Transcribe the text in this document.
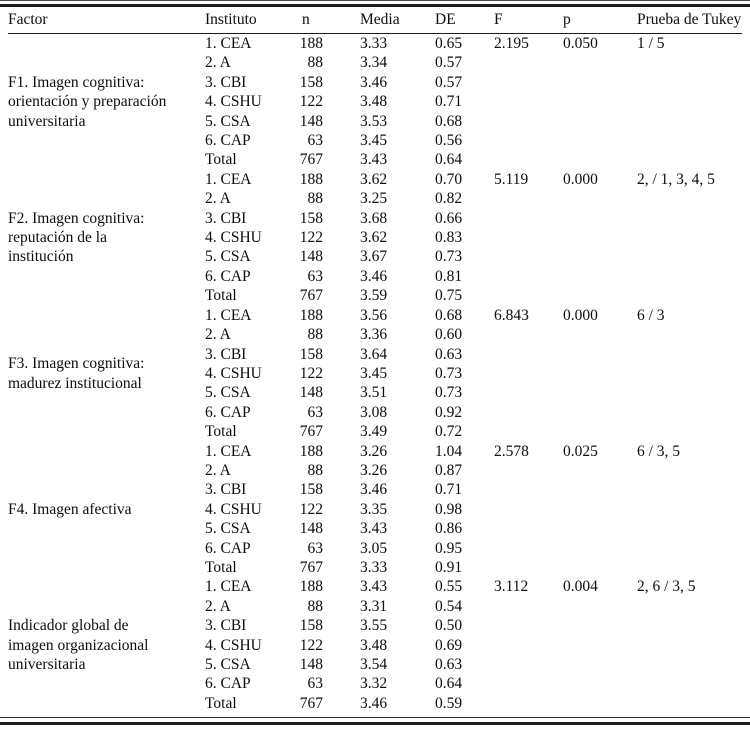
Factor	Instituto	n	Media	DE	F	p	Prueba de Tukey

F1. Imagen cognitiva:
orientación y preparación
universitaria	1. CEA	188	3.33	0.65	2.195	0.050	1 / 5
	2. A	88	3.34	0.57			
	3. CBI	158	3.46	0.57			
	4. CSHU	122	3.48	0.71			
	5. CSA	148	3.53	0.68			
	6. CAP	63	3.45	0.56			
	Total	767	3.43	0.64			

F2. Imagen cognitiva:
reputación de la
institución	1. CEA	188	3.62	0.70	5.119	0.000	2, / 1, 3, 4, 5
	2. A	88	3.25	0.82			
	3. CBI	158	3.68	0.66			
	4. CSHU	122	3.62	0.83			
	5. CSA	148	3.67	0.73			
	6. CAP	63	3.46	0.81			
	Total	767	3.59	0.75			

F3. Imagen cognitiva:
madurez institucional	1. CEA	188	3.56	0.68	6.843	0.000	6 / 3
	2. A	88	3.36	0.60			
	3. CBI	158	3.64	0.63			
	4. CSHU	122	3.45	0.73			
	5. CSA	148	3.51	0.73			
	6. CAP	63	3.08	0.92			
	Total	767	3.49	0.72			

F4. Imagen afectiva	1. CEA	188	3.26	1.04	2.578	0.025	6 / 3, 5
	2. A	88	3.26	0.87			
	3. CBI	158	3.46	0.71			
	4. CSHU	122	3.35	0.98			
	5. CSA	148	3.43	0.86			
	6. CAP	63	3.05	0.95			
	Total	767	3.33	0.91			

Indicador global de
imagen organizacional
universitaria	1. CEA	188	3.43	0.55	3.112	0.004	2, 6 / 3, 5
	2. A	88	3.31	0.54			
	3. CBI	158	3.55	0.50			
	4. CSHU	122	3.48	0.69			
	5. CSA	148	3.54	0.63			
	6. CAP	63	3.32	0.64			
	Total	767	3.46	0.59			
